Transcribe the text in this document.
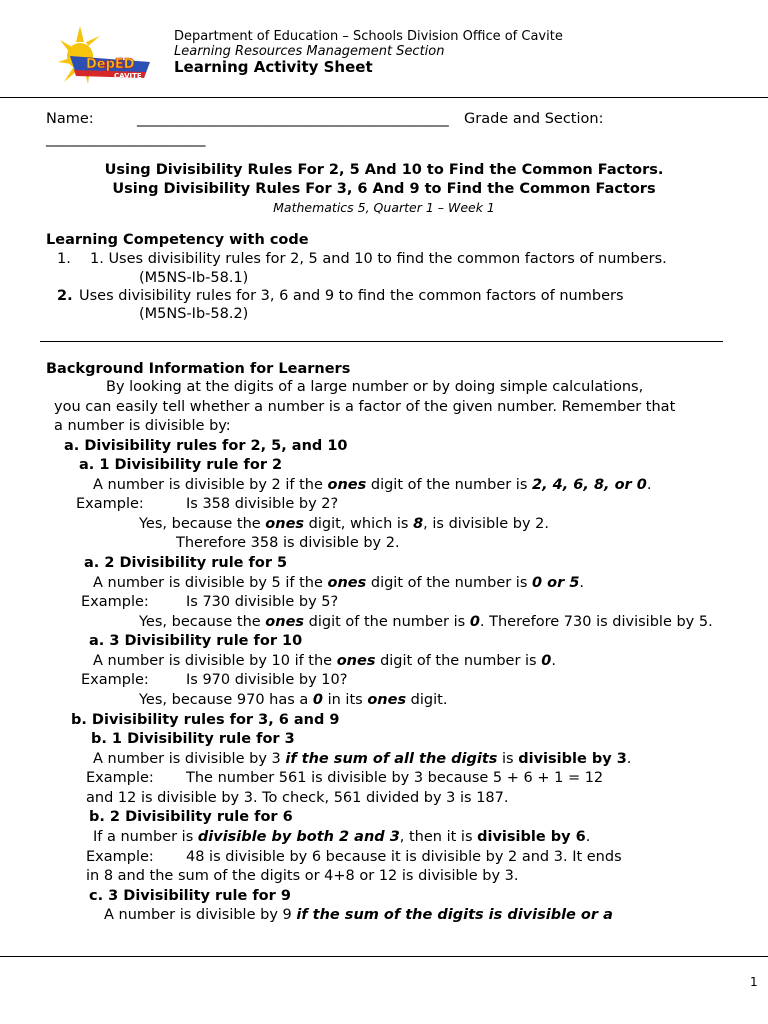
DepED
CAVITE
Department of Education – Schools Division Office of Cavite
Learning Resources Management Section
Learning Activity Sheet
Name:	___________________________________________ Grade and Section:
______________________
Using Divisibility Rules For 2, 5 And 10 to Find the Common Factors.
Using Divisibility Rules For 3, 6 And 9 to Find the Common Factors
Mathematics 5, Quarter 1 – Week 1
Learning Competency with code
1. 1. Uses divisibility rules for 2, 5 and 10 to find the common factors of numbers.
(M5NS-Ib-58.1)
2. Uses divisibility rules for 3, 6 and 9 to find the common factors of numbers
(M5NS-Ib-58.2)
Background Information for Learners
By looking at the digits of a large number or by doing simple calculations,
you can easily tell whether a number is a factor of the given number. Remember that
a number is divisible by:
a. Divisibility rules for 2, 5, and 10
a. 1 Divisibility rule for 2
A number is divisible by 2 if the ones digit of the number is 2, 4, 6, 8, or 0.
Example:	Is 358 divisible by 2?
Yes, because the ones digit, which is 8, is divisible by 2.
Therefore 358 is divisible by 2.
a. 2 Divisibility rule for 5
A number is divisible by 5 if the ones digit of the number is 0 or 5.
Example:	Is 730 divisible by 5?
Yes, because the ones digit of the number is 0. Therefore 730 is divisible by 5.
a. 3 Divisibility rule for 10
A number is divisible by 10 if the ones digit of the number is 0.
Example:	Is 970 divisible by 10?
Yes, because 970 has a 0 in its ones digit.
b. Divisibility rules for 3, 6 and 9
b. 1 Divisibility rule for 3
A number is divisible by 3 if the sum of all the digits is divisible by 3.
Example: The number 561 is divisible by 3 because 5 + 6 + 1 = 12
and 12 is divisible by 3. To check, 561 divided by 3 is 187.
b. 2 Divisibility rule for 6
If a number is divisible by both 2 and 3, then it is divisible by 6.
Example: 48 is divisible by 6 because it is divisible by 2 and 3. It ends
in 8 and the sum of the digits or 4+8 or 12 is divisible by 3.
c. 3 Divisibility rule for 9
A number is divisible by 9 if the sum of the digits is divisible or a
1
